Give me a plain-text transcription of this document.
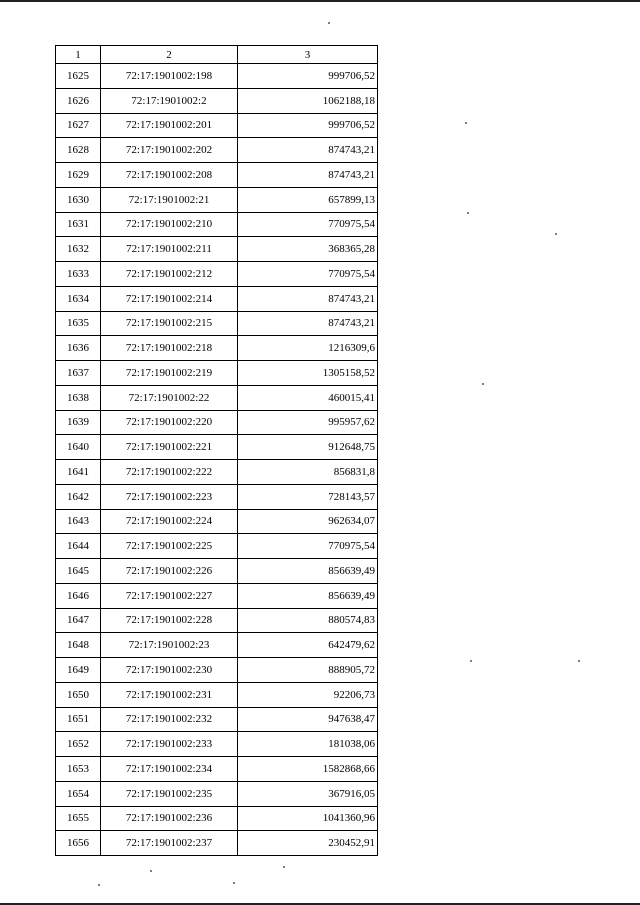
1	2	3
1625	72:17:1901002:198	999706,52
1626	72:17:1901002:2	1062188,18
1627	72:17:1901002:201	999706,52
1628	72:17:1901002:202	874743,21
1629	72:17:1901002:208	874743,21
1630	72:17:1901002:21	657899,13
1631	72:17:1901002:210	770975,54
1632	72:17:1901002:211	368365,28
1633	72:17:1901002:212	770975,54
1634	72:17:1901002:214	874743,21
1635	72:17:1901002:215	874743,21
1636	72:17:1901002:218	1216309,6
1637	72:17:1901002:219	1305158,52
1638	72:17:1901002:22	460015,41
1639	72:17:1901002:220	995957,62
1640	72:17:1901002:221	912648,75
1641	72:17:1901002:222	856831,8
1642	72:17:1901002:223	728143,57
1643	72:17:1901002:224	962634,07
1644	72:17:1901002:225	770975,54
1645	72:17:1901002:226	856639,49
1646	72:17:1901002:227	856639,49
1647	72:17:1901002:228	880574,83
1648	72:17:1901002:23	642479,62
1649	72:17:1901002:230	888905,72
1650	72:17:1901002:231	92206,73
1651	72:17:1901002:232	947638,47
1652	72:17:1901002:233	181038,06
1653	72:17:1901002:234	1582868,66
1654	72:17:1901002:235	367916,05
1655	72:17:1901002:236	1041360,96
1656	72:17:1901002:237	230452,91
